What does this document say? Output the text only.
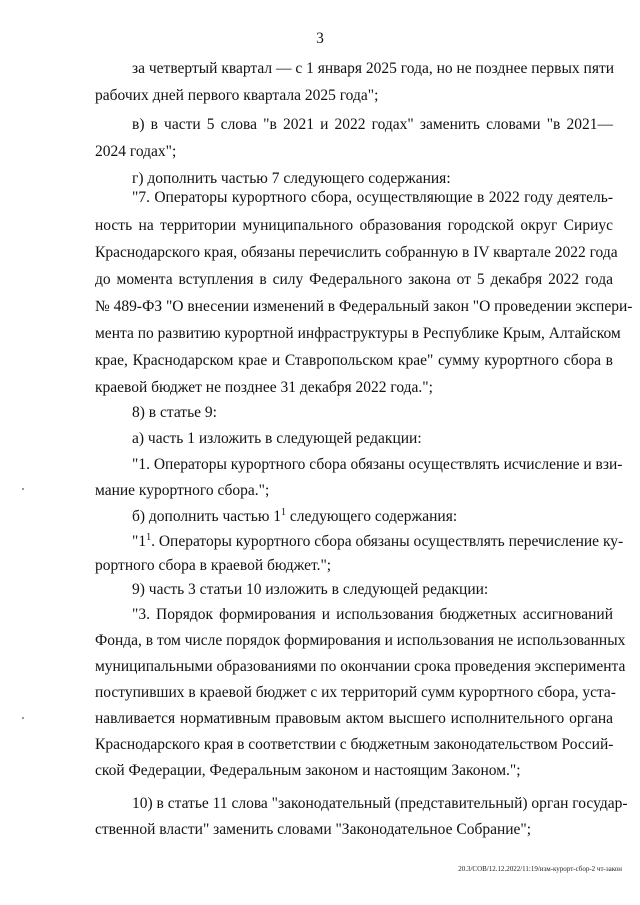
3
за четвертый квартал — с 1 января 2025 года, но не позднее первых пяти
рабочих дней первого квартала 2025 года";
в) в части 5 слова "в 2021 и 2022 годах" заменить словами "в 2021—
2024 годах";
г) дополнить частью 7 следующего содержания:
"7. Операторы курортного сбора, осуществляющие в 2022 году деятель-
ность на территории муниципального образования городской округ Сириус
Краснодарского края, обязаны перечислить собранную в IV квартале 2022 года
до момента вступления в силу Федерального закона от 5 декабря 2022 года
№ 489-ФЗ "О внесении изменений в Федеральный закон "О проведении экспери-
мента по развитию курортной инфраструктуры в Республике Крым, Алтайском
крае, Краснодарском крае и Ставропольском крае" сумму курортного сбора в
краевой бюджет не позднее 31 декабря 2022 года.";
8) в статье 9:
а) часть 1 изложить в следующей редакции:
"1. Операторы курортного сбора обязаны осуществлять исчисление и взи-
мание курортного сбора.";
б) дополнить частью $1^1$ следующего содержания:
"$1^1$. Операторы курортного сбора обязаны осуществлять перечисление ку-
рортного сбора в краевой бюджет.";
9) часть 3 статьи 10 изложить в следующей редакции:
"3. Порядок формирования и использования бюджетных ассигнований
Фонда, в том числе порядок формирования и использования не использованных
муниципальными образованиями по окончании срока проведения эксперимента
поступивших в краевой бюджет с их территорий сумм курортного сбора, уста-
навливается нормативным правовым актом высшего исполнительного органа
Краснодарского края в соответствии с бюджетным законодательством Россий-
ской Федерации, Федеральным законом и настоящим Законом.";
10) в статье 11 слова "законодательный (представительный) орган государ-
ственной власти" заменить словами "Законодательное Собрание";
20.3/СОВ/12.12.2022/11:19/изм-курорт-сбор-2 чт-закон
